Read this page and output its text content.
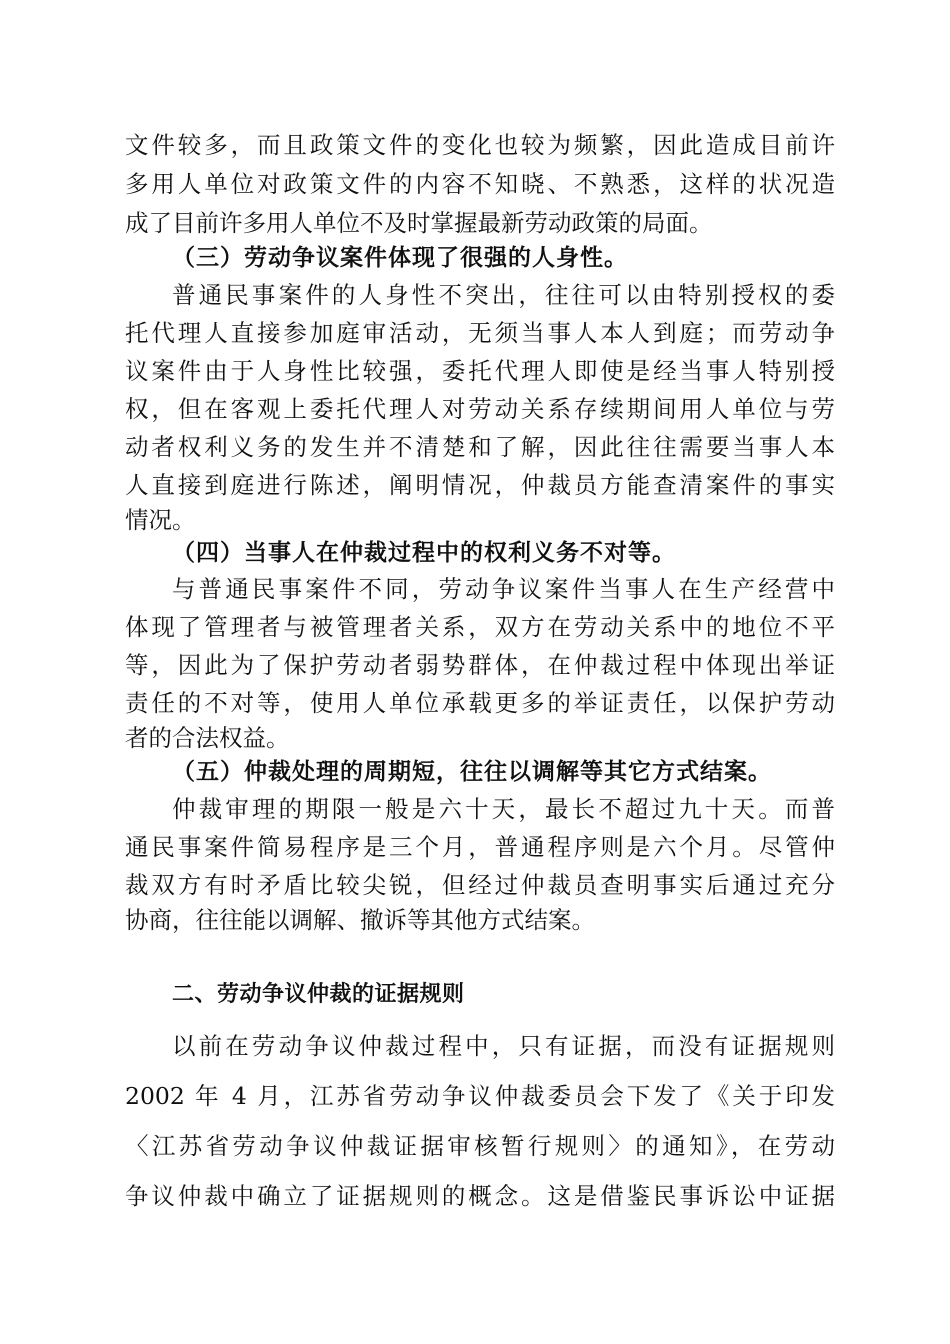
文件较多，而且政策文件的变化也较为频繁，因此造成目前许
多用人单位对政策文件的内容不知晓、不熟悉，这样的状况造
成了目前许多用人单位不及时掌握最新劳动政策的局面。
（三）劳动争议案件体现了很强的人身性。
普通民事案件的人身性不突出，往往可以由特别授权的委
托代理人直接参加庭审活动，无须当事人本人到庭；而劳动争
议案件由于人身性比较强，委托代理人即使是经当事人特别授
权，但在客观上委托代理人对劳动关系存续期间用人单位与劳
动者权利义务的发生并不清楚和了解，因此往往需要当事人本
人直接到庭进行陈述，阐明情况，仲裁员方能查清案件的事实
情况。
（四）当事人在仲裁过程中的权利义务不对等。
与普通民事案件不同，劳动争议案件当事人在生产经营中
体现了管理者与被管理者关系，双方在劳动关系中的地位不平
等，因此为了保护劳动者弱势群体，在仲裁过程中体现出举证
责任的不对等，使用人单位承载更多的举证责任，以保护劳动
者的合法权益。
（五）仲裁处理的周期短，往往以调解等其它方式结案。
仲裁审理的期限一般是六十天，最长不超过九十天。而普
通民事案件简易程序是三个月，普通程序则是六个月。尽管仲
裁双方有时矛盾比较尖锐，但经过仲裁员查明事实后通过充分
协商，往往能以调解、撤诉等其他方式结案。
二、劳动争议仲裁的证据规则
以前在劳动争议仲裁过程中，只有证据，而没有证据规则
2002 年 4 月，江苏省劳动争议仲裁委员会下发了《关于印发
〈江苏省劳动争议仲裁证据审核暂行规则〉的通知》，在劳动
争议仲裁中确立了证据规则的概念。这是借鉴民事诉讼中证据
